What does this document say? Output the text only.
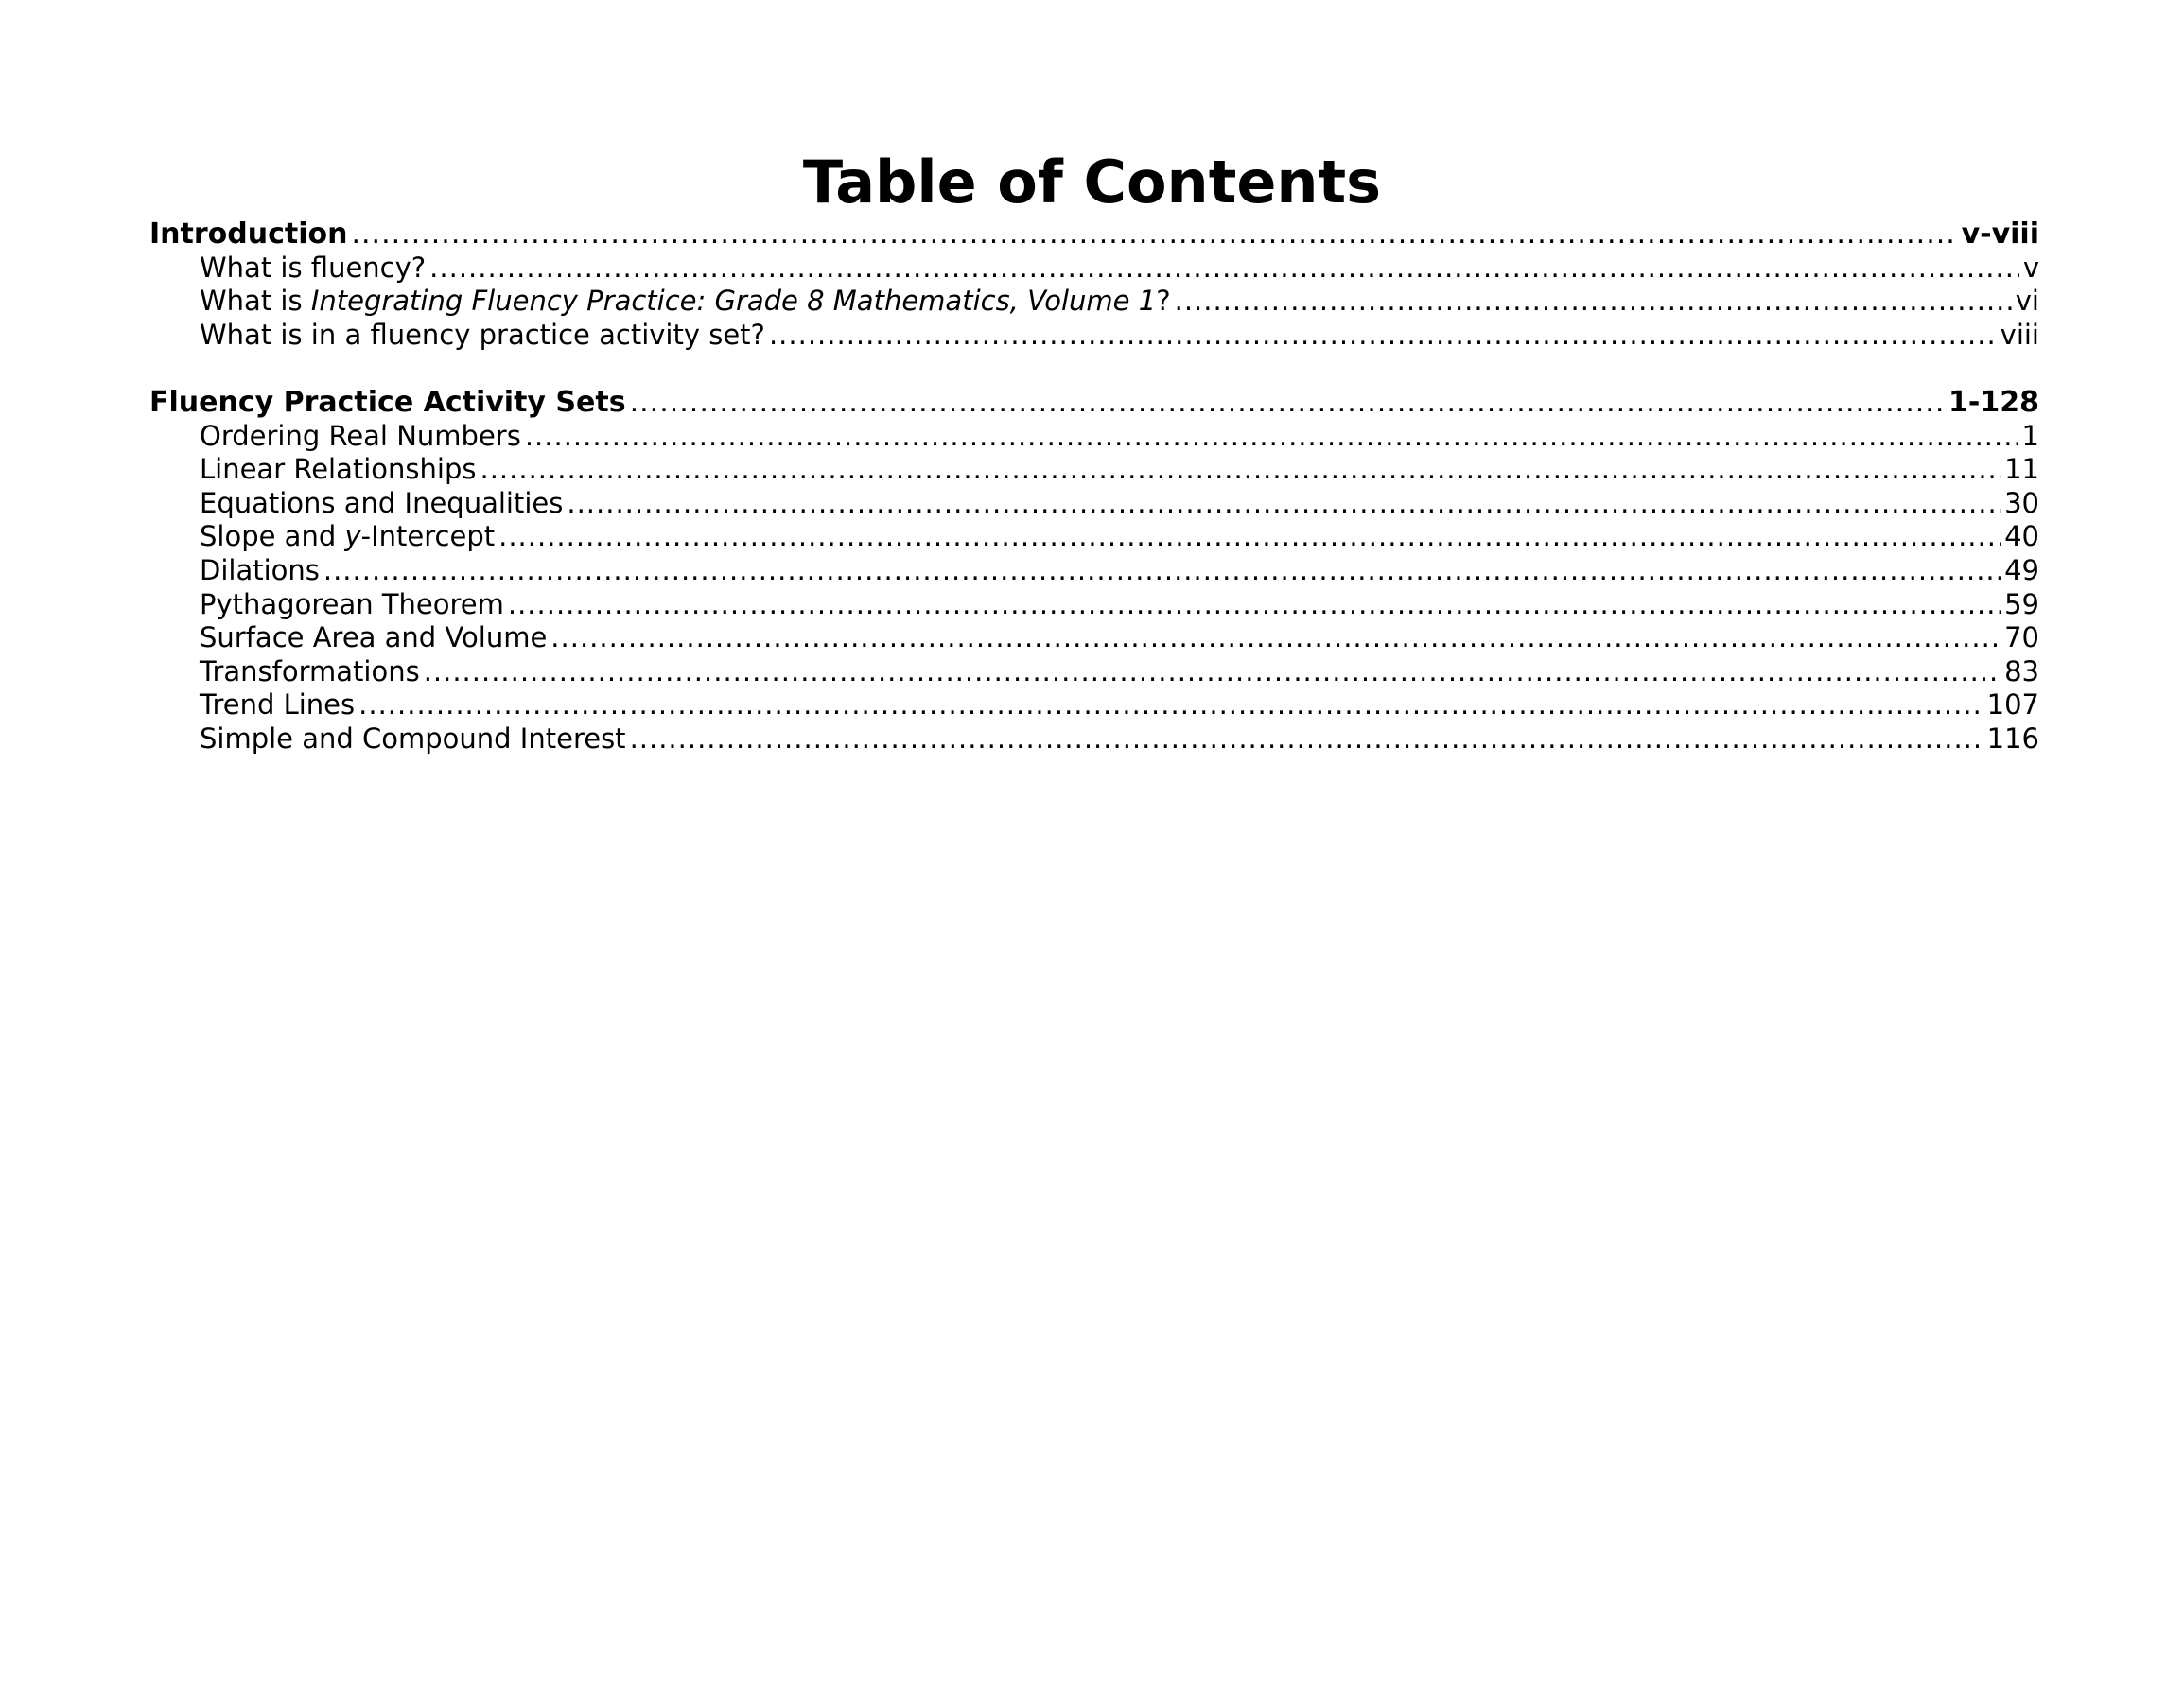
Table of Contents
Introduction .....	v-viii
What is fluency? .....	v
What is Integrating Fluency Practice: Grade 8 Mathematics, Volume 1? .....	vi
What is in a fluency practice activity set? .....	viii
Fluency Practice Activity Sets .....	1-128
Ordering Real Numbers .....	1
Linear Relationships .....	11
Equations and Inequalities .....	30
Slope and y-Intercept .....	40
Dilations .....	49
Pythagorean Theorem .....	59
Surface Area and Volume .....	70
Transformations .....	83
Trend Lines .....	107
Simple and Compound Interest .....	116
